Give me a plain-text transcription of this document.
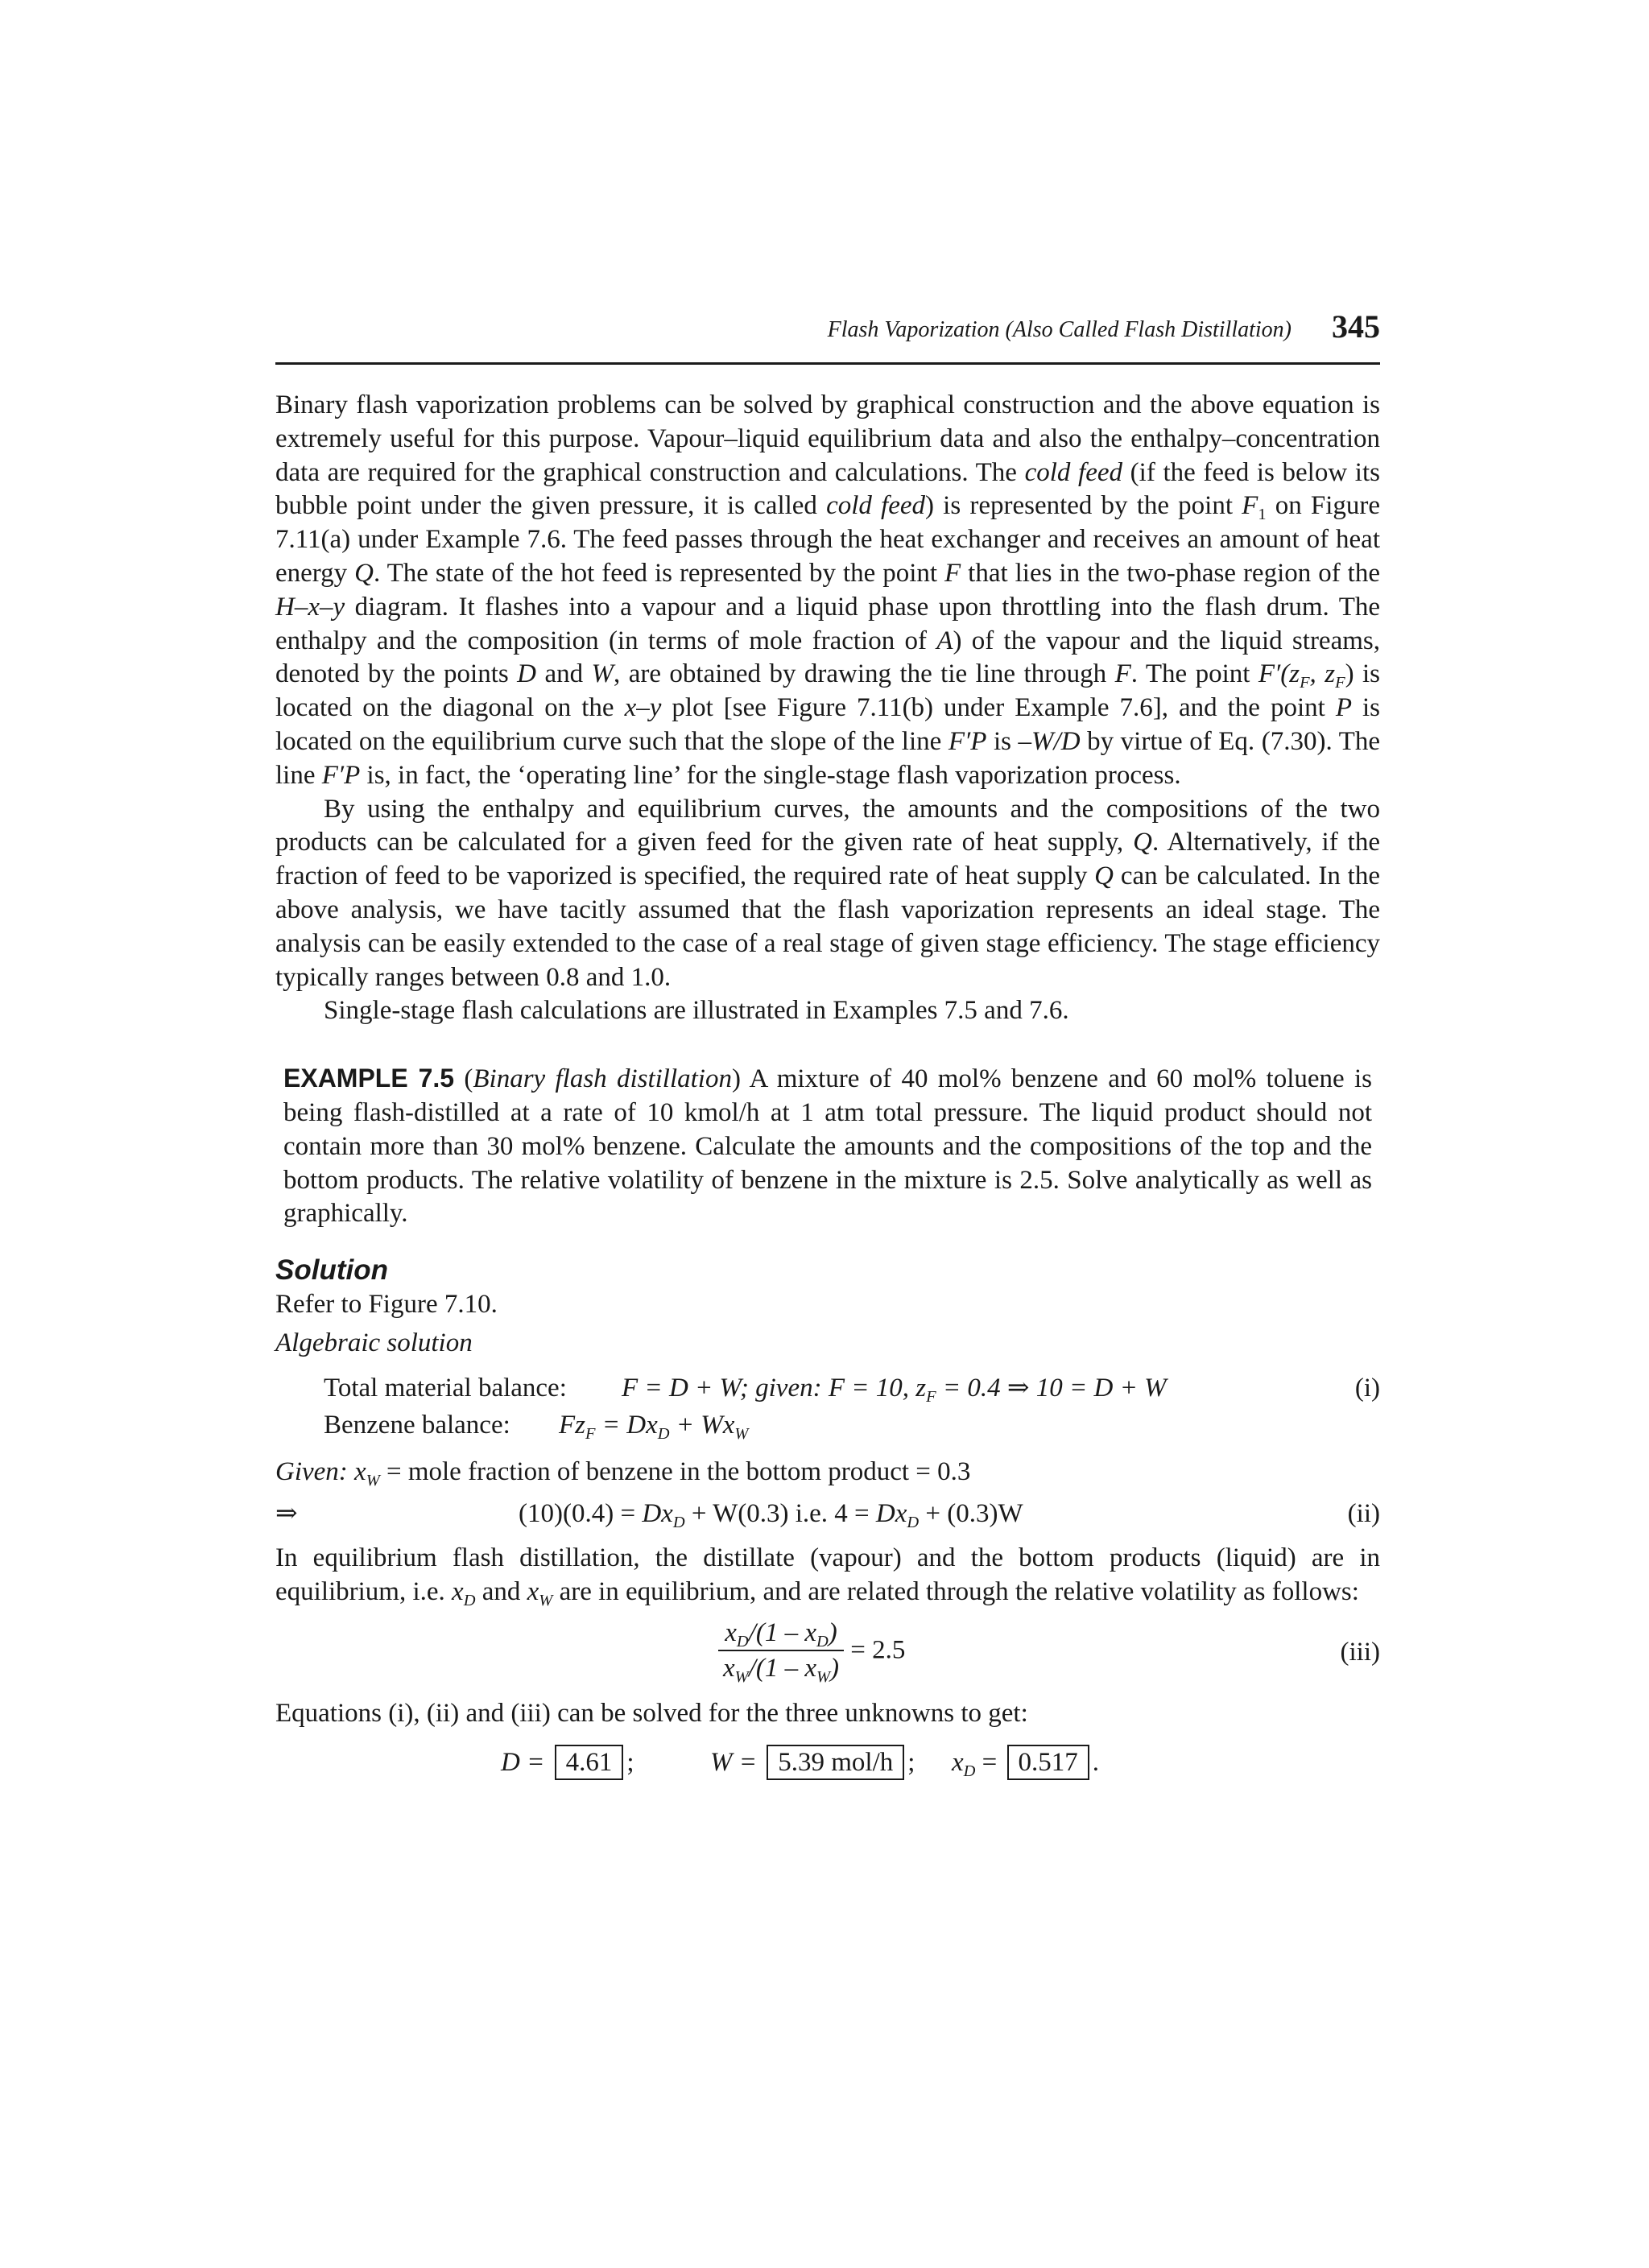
Flash Vaporization (Also Called Flash Distillation) 345

Binary flash vaporization problems can be solved by graphical construction and the above equation is extremely useful for this purpose. Vapour–liquid equilibrium data and also the enthalpy–concentration data are required for the graphical construction and calculations. The cold feed (if the feed is below its bubble point under the given pressure, it is called cold feed) is represented by the point $F_1$ on Figure 7.11(a) under Example 7.6. The feed passes through the heat exchanger and receives an amount of heat energy Q. The state of the hot feed is represented by the point F that lies in the two-phase region of the H–x–y diagram. It flashes into a vapour and a liquid phase upon throttling into the flash drum. The enthalpy and the composition (in terms of mole fraction of A) of the vapour and the liquid streams, denoted by the points D and W, are obtained by drawing the tie line through F. The point $F'(z_F$, $z_F$) is located on the diagonal on the x–y plot [see Figure 7.11(b) under Example 7.6], and the point P is located on the equilibrium curve such that the slope of the line F′P is –W/D by virtue of Eq. (7.30). The line F′P is, in fact, the ‘operating line’ for the single-stage flash vaporization process.

By using the enthalpy and equilibrium curves, the amounts and the compositions of the two products can be calculated for a given feed for the given rate of heat supply, Q. Alternatively, if the fraction of feed to be vaporized is specified, the required rate of heat supply Q can be calculated. In the above analysis, we have tacitly assumed that the flash vaporization represents an ideal stage. The analysis can be easily extended to the case of a real stage of given stage efficiency. The stage efficiency typically ranges between 0.8 and 1.0.

Single-stage flash calculations are illustrated in Examples 7.5 and 7.6.

EXAMPLE 7.5 (Binary flash distillation) A mixture of 40 mol% benzene and 60 mol% toluene is being flash-distilled at a rate of 10 kmol/h at 1 atm total pressure. The liquid product should not contain more than 30 mol% benzene. Calculate the amounts and the compositions of the top and the bottom products. The relative volatility of benzene in the mixture is 2.5. Solve analytically as well as graphically.

Solution
Refer to Figure 7.10.
Algebraic solution
Total material balance: F = D + W; given: F = 10, $z_F = 0.4$ ⇒ 10 = D + W	(i)
Benzene balance: $Fz_F = Dx_D + Wx_W$
Given: $x_W$ = mole fraction of benzene in the bottom product = 0.3
⇒	$(10)(0.4) = Dx_D + W(0.3)$ i.e. $4 = Dx_D + (0.3)W$	(ii)

In equilibrium flash distillation, the distillate (vapour) and the bottom products (liquid) are in equilibrium, i.e. $x_D$ and $x_W$ are in equilibrium, and are related through the relative volatility as follows:

$\frac{x_D/(1 - x_D)}{x_W/(1 - x_W)} = 2.5$	(iii)
Equations (i), (ii) and (iii) can be solved for the three unknowns to get:
D = 4.61 ;	W = 5.39 mol/h ; $x_D = 0.517$ .
